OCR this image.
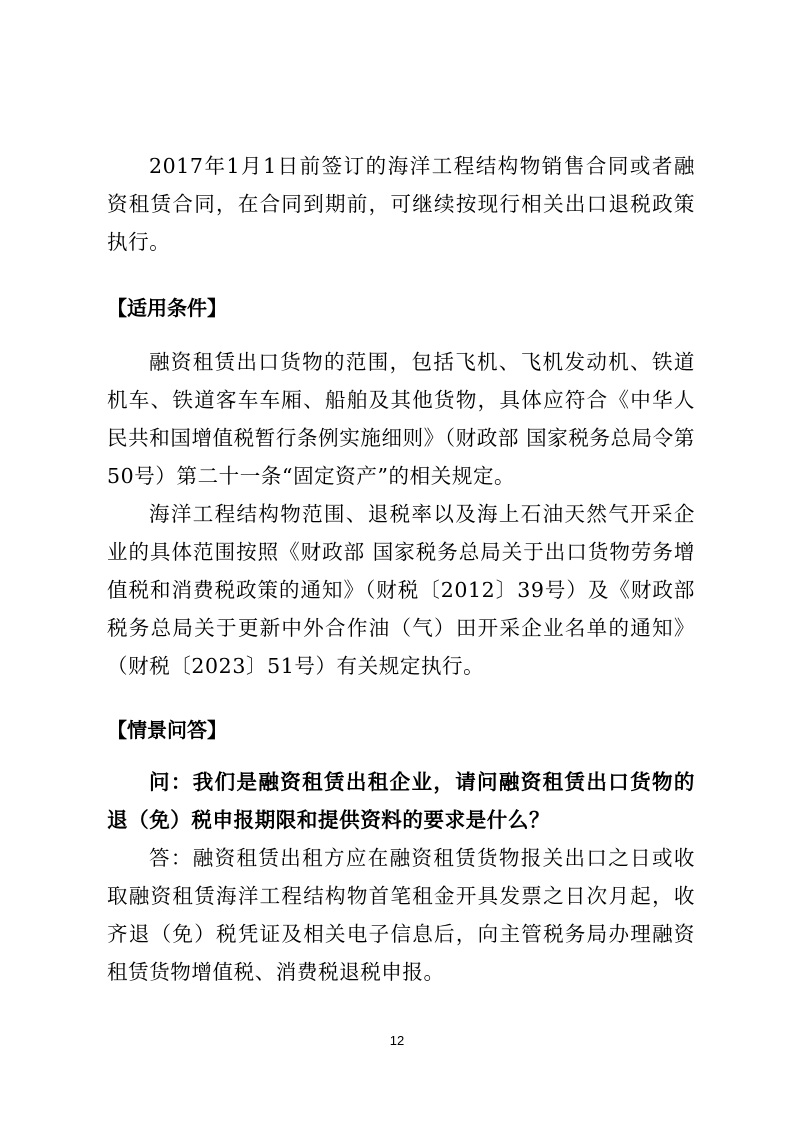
2017年1月1日前签订的海洋工程结构物销售合同或者融资租赁合同，在合同到期前，可继续按现行相关出口退税政策执行。

【适用条件】

融资租赁出口货物的范围，包括飞机、飞机发动机、铁道机车、铁道客车车厢、船舶及其他货物，具体应符合《中华人民共和国增值税暂行条例实施细则》（财政部 国家税务总局令第50号）第二十一条“固定资产”的相关规定。

海洋工程结构物范围、退税率以及海上石油天然气开采企业的具体范围按照《财政部 国家税务总局关于出口货物劳务增值税和消费税政策的通知》（财税〔2012〕39号）及《财政部 税务总局关于更新中外合作油（气）田开采企业名单的通知》（财税〔2023〕51号）有关规定执行。

【情景问答】

问：我们是融资租赁出租企业，请问融资租赁出口货物的退（免）税申报期限和提供资料的要求是什么？

答：融资租赁出租方应在融资租赁货物报关出口之日或收取融资租赁海洋工程结构物首笔租金开具发票之日次月起，收齐退（免）税凭证及相关电子信息后，向主管税务局办理融资租赁货物增值税、消费税退税申报。

12
